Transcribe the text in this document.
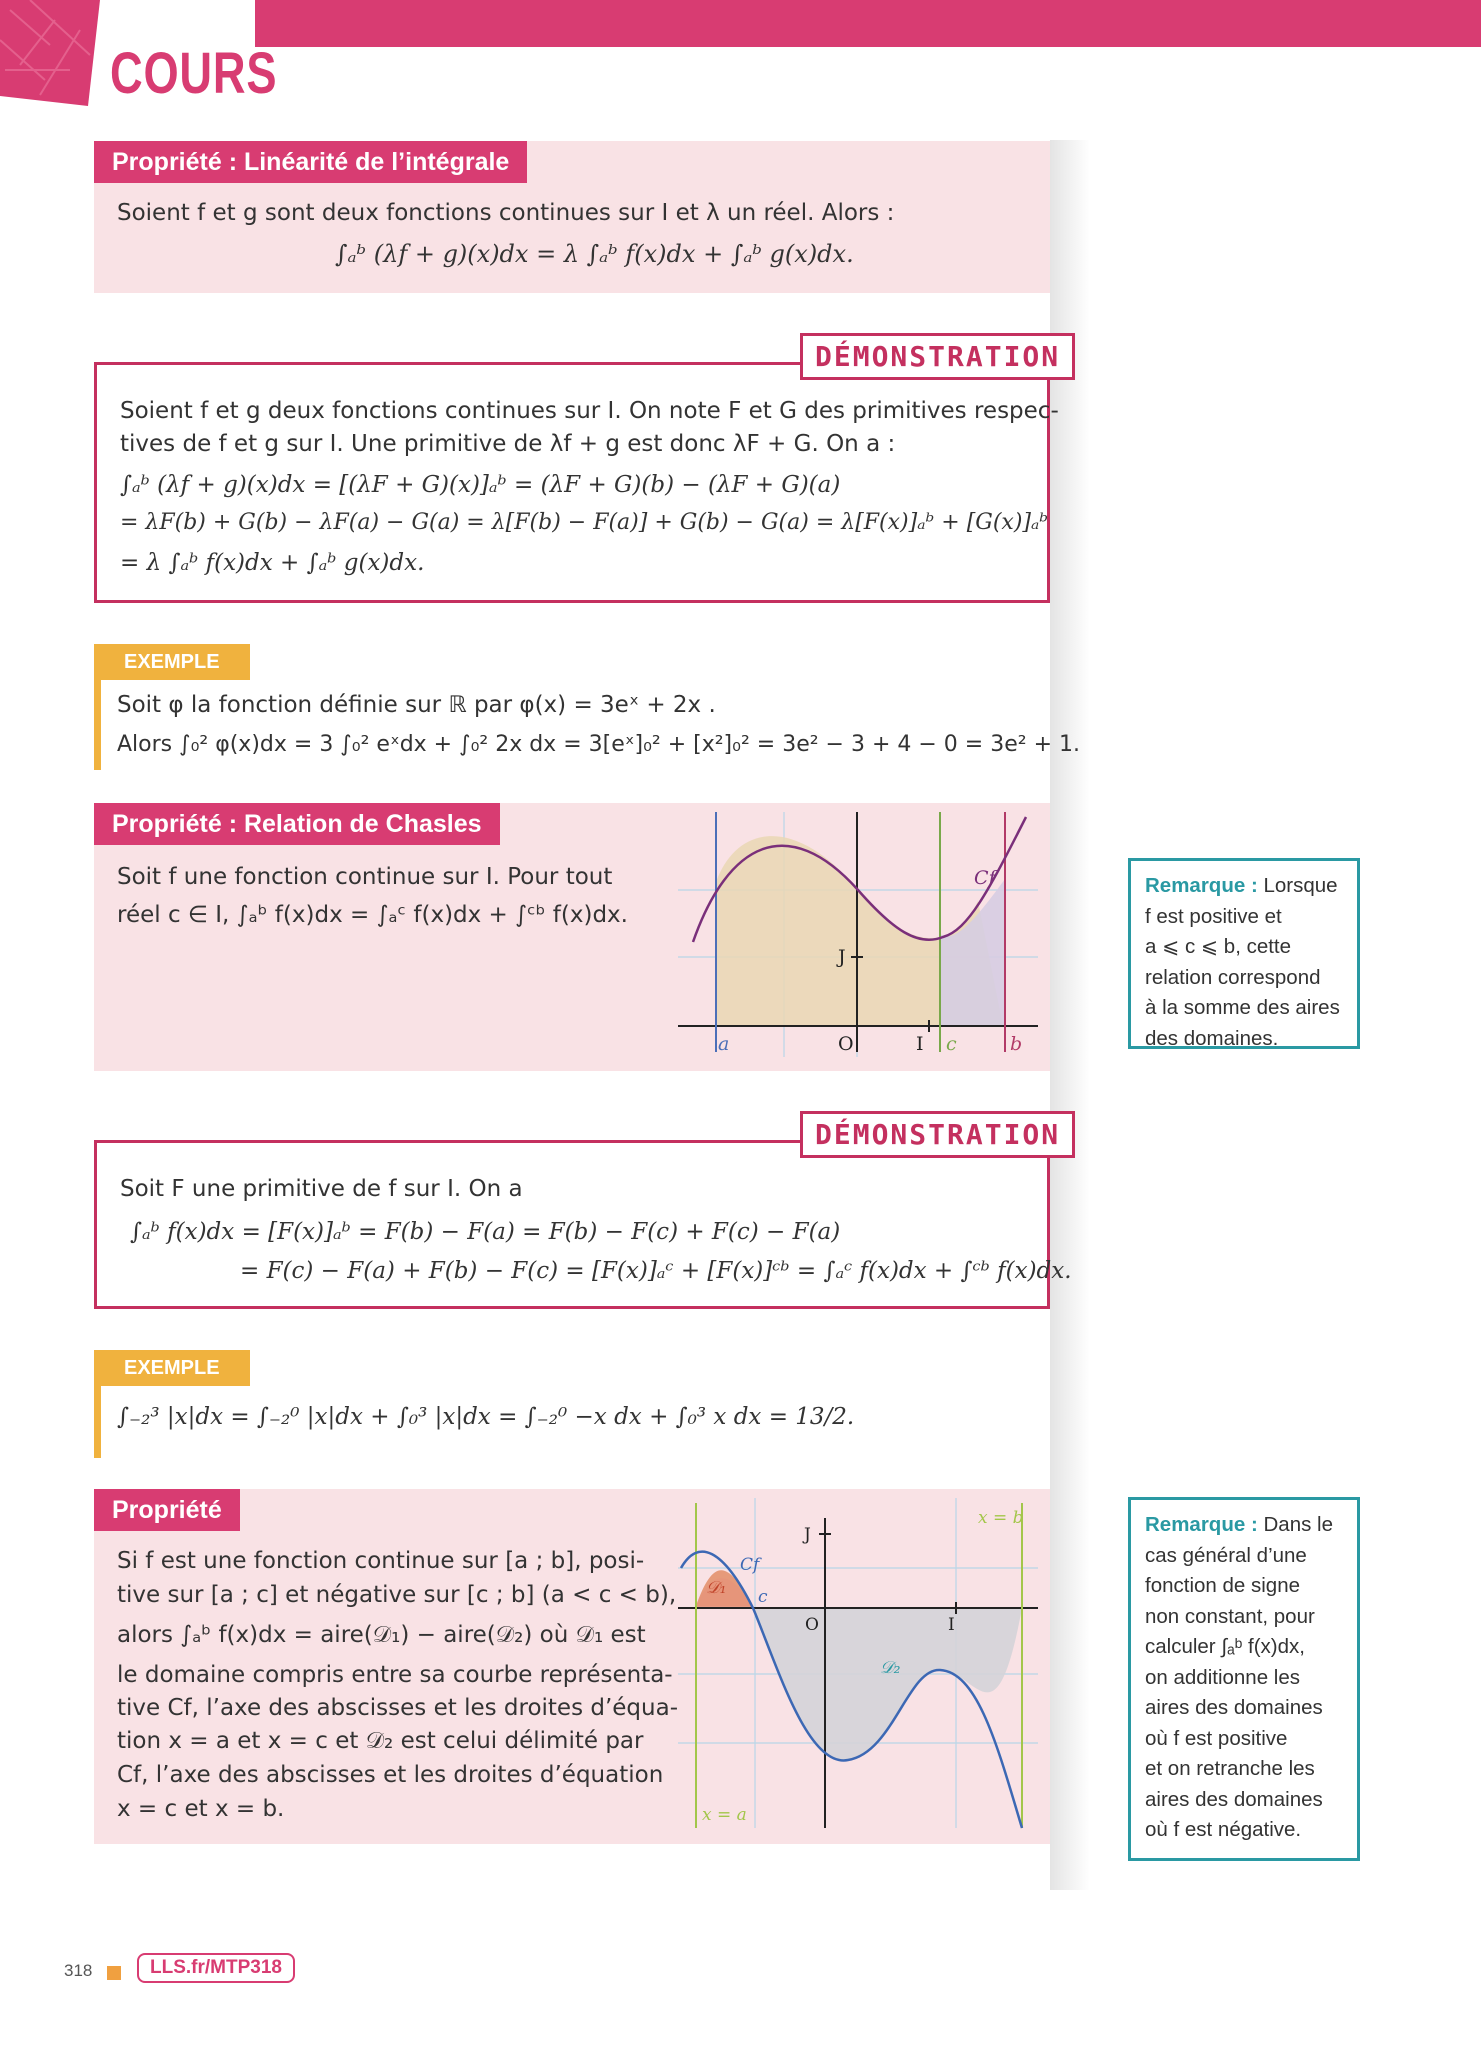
COURS
Propriété : Linéarité de l’intégrale
Soient f et g sont deux fonctions continues sur I et λ un réel. Alors :
∫ₐᵇ (λf + g)(x)dx = λ ∫ₐᵇ f(x)dx + ∫ₐᵇ g(x)dx.
DÉMONSTRATION
Soient f et g deux fonctions continues sur I. On note F et G des primitives respec-
tives de f et g sur I. Une primitive de λf + g est donc λF + G. On a :
∫ₐᵇ (λf + g)(x)dx = [(λF + G)(x)]ₐᵇ = (λF + G)(b) − (λF + G)(a)
= λF(b) + G(b) − λF(a) − G(a) = λ[F(b) − F(a)] + G(b) − G(a) = λ[F(x)]ₐᵇ + [G(x)]ₐᵇ
= λ ∫ₐᵇ f(x)dx + ∫ₐᵇ g(x)dx.
EXEMPLE
Soit φ la fonction définie sur ℝ par φ(x) = 3eˣ + 2x .
Alors ∫₀² φ(x)dx = 3 ∫₀² eˣdx + ∫₀² 2x dx = 3[eˣ]₀² + [x²]₀² = 3e² − 3 + 4 − 0 = 3e² + 1.
Propriété : Relation de Chasles
Soit f une fonction continue sur I. Pour tout
réel c ∈ I, ∫ₐᵇ f(x)dx = ∫ₐᶜ f(x)dx + ∫ᶜᵇ f(x)dx.
a	O	I c	b
J
Cf	Remarque : Lorsque
f est positive et
a ⩽ c ⩽ b, cette
relation correspond
à la somme des aires
des domaines.
DÉMONSTRATION
Soit F une primitive de f sur I. On a
∫ₐᵇ f(x)dx = [F(x)]ₐᵇ = F(b) − F(a) = F(b) − F(c) + F(c) − F(a)
= F(c) − F(a) + F(b) − F(c) = [F(x)]ₐᶜ + [F(x)]ᶜᵇ = ∫ₐᶜ f(x)dx + ∫ᶜᵇ f(x)dx.
EXEMPLE
∫₋₂³ |x|dx = ∫₋₂⁰ |x|dx + ∫₀³ |x|dx = ∫₋₂⁰ −x dx + ∫₀³ x dx = 13/2.
Propriété
Si f est une fonction continue sur [a ; b], posi-
tive sur [a ; c] et négative sur [c ; b] (a < c < b),
alors ∫ₐᵇ f(x)dx = aire(𝒟₁) − aire(𝒟₂) où 𝒟₁ est
le domaine compris entre sa courbe représenta-
tive Cf, l’axe des abscisses et les droites d’équa-
tion x = a et x = c et 𝒟₂ est celui délimité par
Cf, l’axe des abscisses et les droites d’équation
x = c et x = b.
J
Cf
c
O	I
𝒟₁
𝒟₂
x = b
x = a
Remarque : Dans le
cas général d’une
fonction de signe
non constant, pour
calculer ∫ₐᵇ f(x)dx,
on additionne les
aires des domaines
où f est positive
et on retranche les
aires des domaines
où f est négative.
318	LLS.fr/MTP318
